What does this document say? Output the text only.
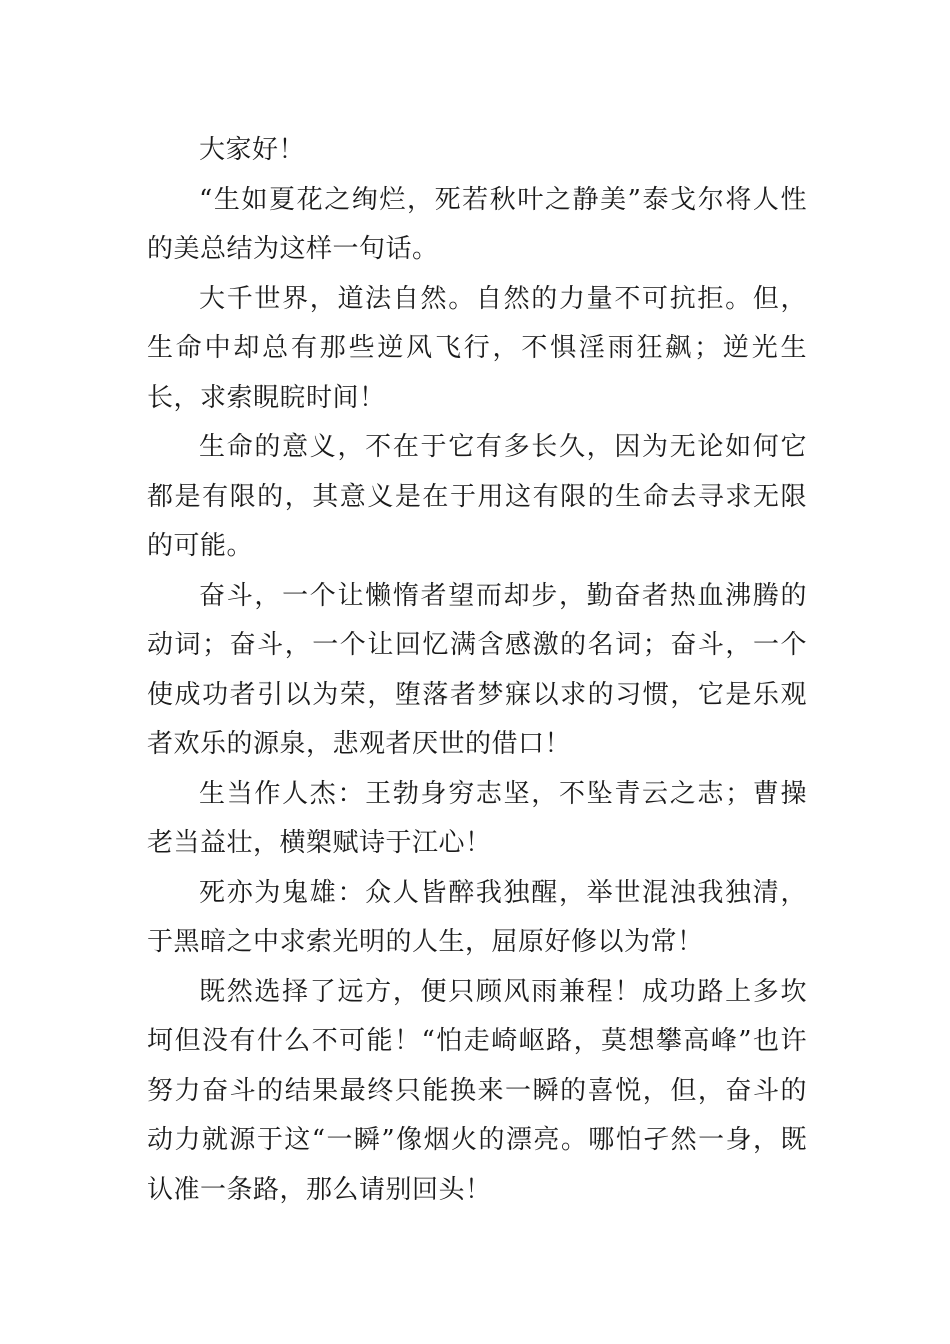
大家好！

“生如夏花之绚烂，死若秋叶之静美”泰戈尔将人性的美总结为这样一句话。

大千世界，道法自然。自然的力量不可抗拒。但，生命中却总有那些逆风飞行，不惧淫雨狂飙；逆光生长，求索睍睆时间！

生命的意义，不在于它有多长久，因为无论如何它都是有限的，其意义是在于用这有限的生命去寻求无限的可能。

奋斗，一个让懒惰者望而却步，勤奋者热血沸腾的动词；奋斗，一个让回忆满含感激的名词；奋斗，一个使成功者引以为荣，堕落者梦寐以求的习惯，它是乐观者欢乐的源泉，悲观者厌世的借口！

生当作人杰：王勃身穷志坚，不坠青云之志；曹操老当益壮，横槊赋诗于江心！

死亦为鬼雄：众人皆醉我独醒，举世混浊我独清，于黑暗之中求索光明的人生，屈原好修以为常！

既然选择了远方，便只顾风雨兼程！成功路上多坎坷但没有什么不可能！“怕走崎岖路，莫想攀高峰”也许努力奋斗的结果最终只能换来一瞬的喜悦，但，奋斗的动力就源于这“一瞬”像烟火的漂亮。哪怕孑然一身，既认准一条路，那么请别回头！
